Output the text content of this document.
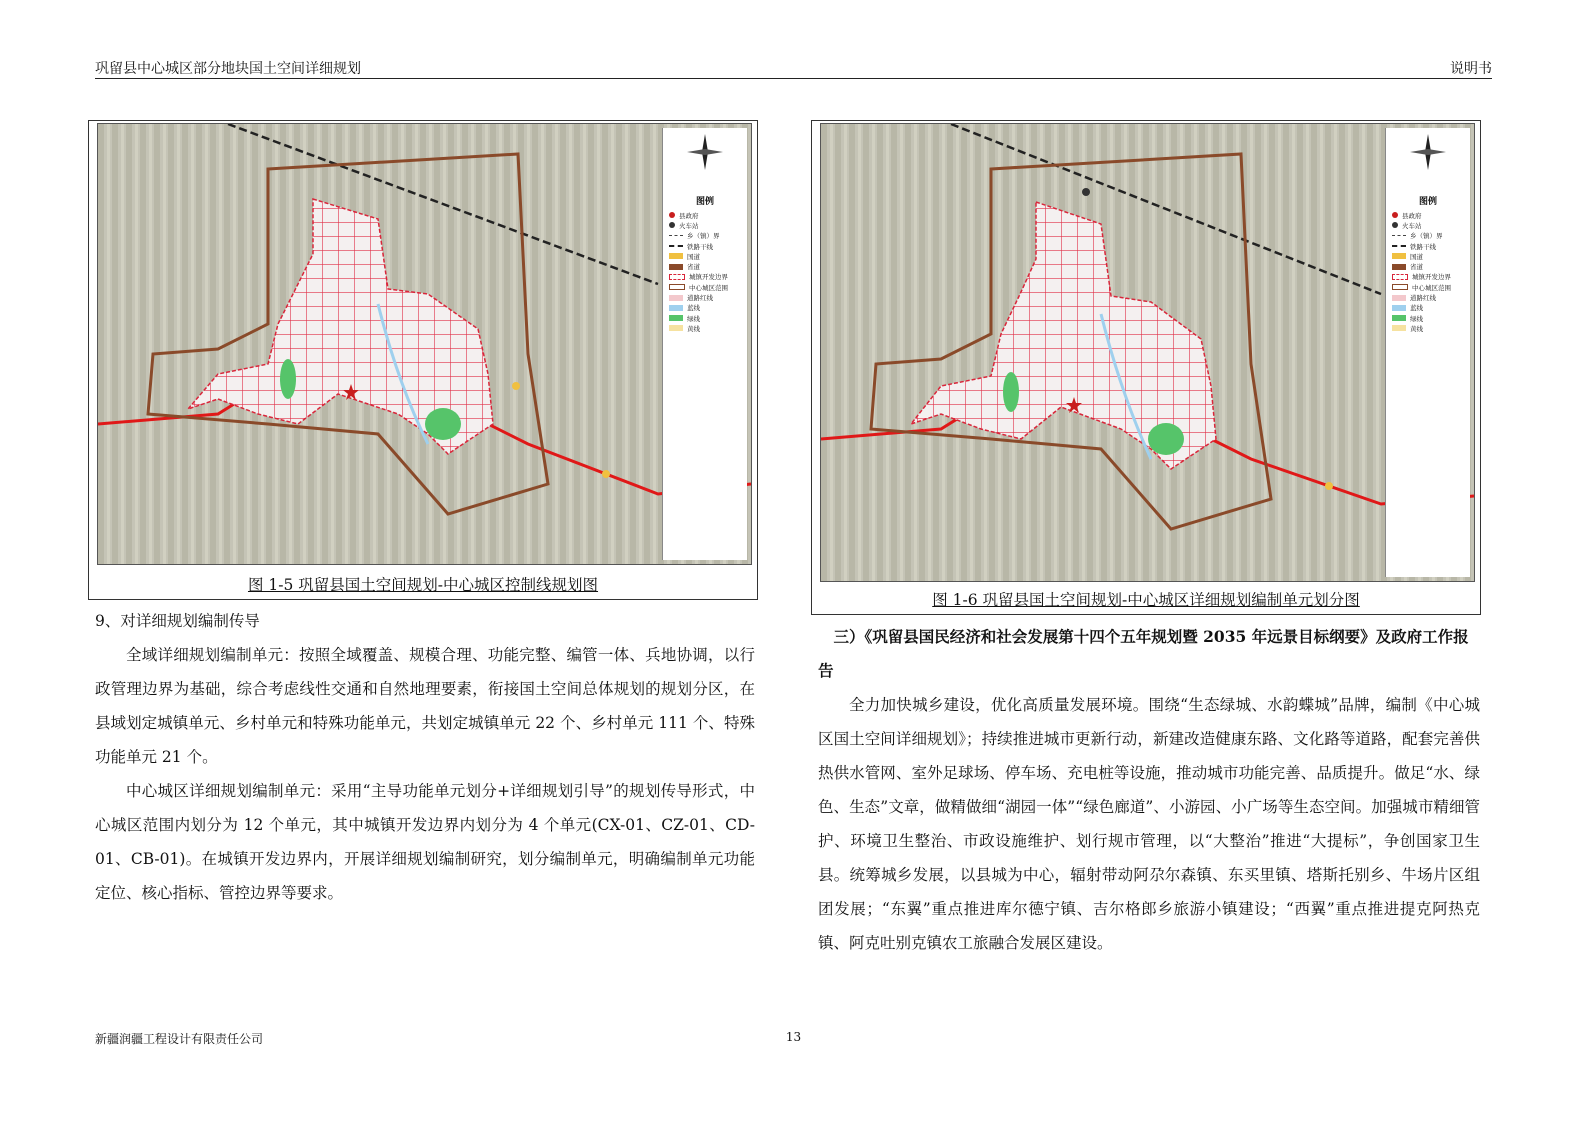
巩留县中心城区部分地块国土空间详细规划	说明书
图例
县政府
火车站
乡（镇）界
铁路干线
国道
省道
城镇开发边界
中心城区范围
道路红线
蓝线
绿线
黄线
图 1-5 巩留县国土空间规划-中心城区控制线规划图
图例
县政府
火车站
乡（镇）界
铁路干线
国道
省道
城镇开发边界
中心城区范围
道路红线
蓝线
绿线
黄线
图 1-6 巩留县国土空间规划-中心城区详细规划编制单元划分图

9、对详细规划编制传导

全域详细规划编制单元：按照全域覆盖、规模合理、功能完整、编管一体、兵地协调，以行政管理边界为基础，综合考虑线性交通和自然地理要素，衔接国土空间总体规划的规划分区，在县域划定城镇单元、乡村单元和特殊功能单元，共划定城镇单元 22 个、乡村单元 111 个、特殊功能单元 21 个。

中心城区详细规划编制单元：采用“主导功能单元划分+详细规划引导”的规划传导形式，中心城区范围内划分为 12 个单元，其中城镇开发边界内划分为 4 个单元(CX-01、CZ-01、CD-01、CB-01)。在城镇开发边界内，开展详细规划编制研究，划分编制单元，明确编制单元功能定位、核心指标、管控边界等要求。

三）《巩留县国民经济和社会发展第十四个五年规划暨 2035 年远景目标纲要》及政府工作报告

全力加快城乡建设，优化高质量发展环境。围绕“生态绿城、水韵蝶城”品牌，编制《中心城区国土空间详细规划》；持续推进城市更新行动，新建改造健康东路、文化路等道路，配套完善供热供水管网、室外足球场、停车场、充电桩等设施，推动城市功能完善、品质提升。做足“水、绿色、生态”文章，做精做细“湖园一体”“绿色廊道”、小游园、小广场等生态空间。加强城市精细管护、环境卫生整治、市政设施维护、划行规市管理，以“大整治”推进“大提标”，争创国家卫生县。统筹城乡发展，以县城为中心，辐射带动阿尕尔森镇、东买里镇、塔斯托别乡、牛场片区组团发展；“东翼”重点推进库尔德宁镇、吉尔格郎乡旅游小镇建设；“西翼”重点推进提克阿热克镇、阿克吐别克镇农工旅融合发展区建设。

新疆润疆工程设计有限责任公司	13
